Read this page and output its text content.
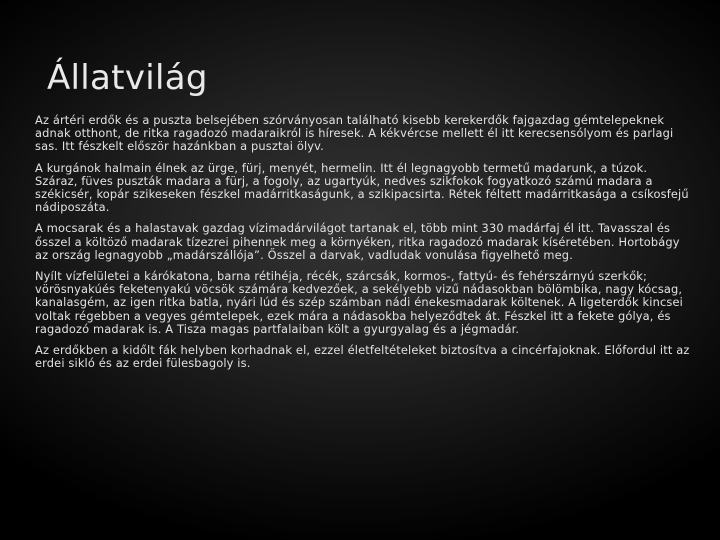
Állatvilág

Az ártéri erdők és a puszta belsejében szórványosan található kisebb kerekerdők fajgazdag gémtelepeknek adnak otthont, de ritka ragadozó madaraikról is híresek. A kékvércse mellett él itt kerecsensólyom és parlagi sas. Itt fészkelt először hazánkban a pusztai ölyv.

A kurgánok halmain élnek az ürge, fürj, menyét, hermelin. Itt él legnagyobb termetű madarunk, a túzok. Száraz, füves puszták madara a fürj, a fogoly, az ugartyúk, nedves szikfokok fogyatkozó számú madara a székicsér, kopár szikeseken fészkel madárritkaságunk, a szikipacsirta. Rétek féltett madárritkasága a csíkosfejű nádiposzáta.

A mocsarak és a halastavak gazdag vízimadárvilágot tartanak el, több mint 330 madárfaj él itt. Tavasszal és ősszel a költöző madarak tízezrei pihennek meg a környéken, ritka ragadozó madarak kíséretében. Hortobágy az ország legnagyobb „madárszállója”. Ősszel a darvak, vadludak vonulása figyelhető meg.

Nyílt vízfelületei a kárókatona, barna rétihéja, récék, szárcsák, kormos-, fattyú- és fehérszárnyú szerkők; vörösnyakúés feketenyakú vöcsök számára kedvezőek, a sekélyebb vizű nádasokban bölömbika, nagy kócsag, kanalasgém, az igen ritka batla, nyári lúd és szép számban nádi énekesmadarak költenek. A ligeterdők kincsei voltak régebben a vegyes gémtelepek, ezek mára a nádasokba helyeződtek át. Fészkel itt a fekete gólya, és ragadozó madarak is. A Tisza magas partfalaiban költ a gyurgyalag és a jégmadár.

Az erdőkben a kidőlt fák helyben korhadnak el, ezzel életfeltételeket biztosítva a cincérfajoknak. Előfordul itt az erdei sikló és az erdei fülesbagoly is.
